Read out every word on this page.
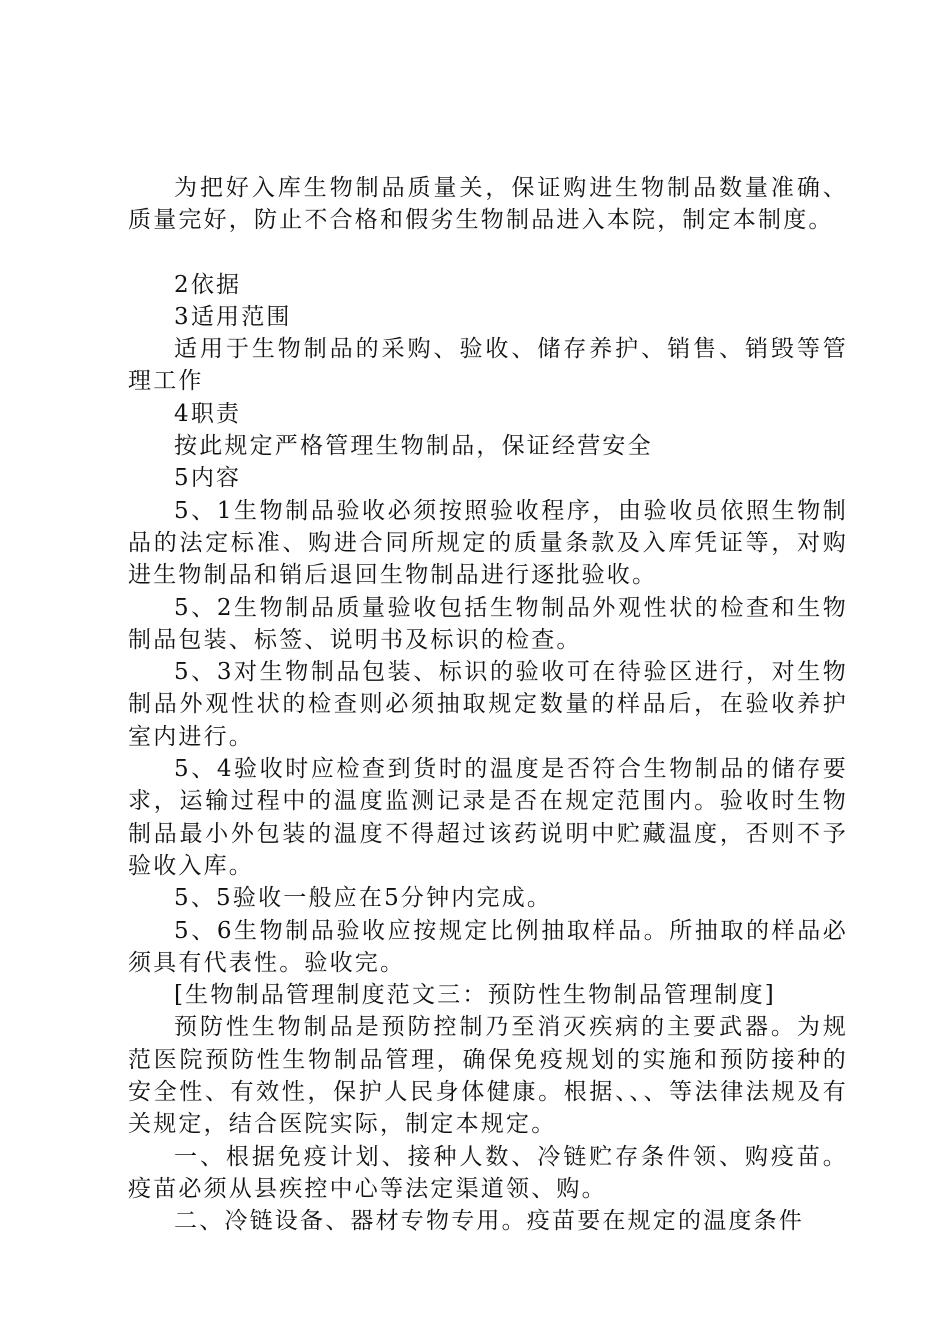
为把好入库生物制品质量关，保证购进生物制品数量准确、质量完好，防止不合格和假劣生物制品进入本院，制定本制度。

2依据

3适用范围

适用于生物制品的采购、验收、储存养护、销售、销毁等管理工作

4职责

按此规定严格管理生物制品，保证经营安全

5内容

5、1生物制品验收必须按照验收程序，由验收员依照生物制品的法定标准、购进合同所规定的质量条款及入库凭证等，对购进生物制品和销后退回生物制品进行逐批验收。

5、2生物制品质量验收包括生物制品外观性状的检查和生物制品包装、标签、说明书及标识的检查。

5、3对生物制品包装、标识的验收可在待验区进行，对生物制品外观性状的检查则必须抽取规定数量的样品后，在验收养护室内进行。

5、4验收时应检查到货时的温度是否符合生物制品的储存要求，运输过程中的温度监测记录是否在规定范围内。验收时生物制品最小外包装的温度不得超过该药说明中贮藏温度，否则不予验收入库。

5、5验收一般应在5分钟内完成。

5、6生物制品验收应按规定比例抽取样品。所抽取的样品必须具有代表性。验收完。

[生物制品管理制度范文三：预防性生物制品管理制度]

预防性生物制品是预防控制乃至消灭疾病的主要武器。为规范医院预防性生物制品管理，确保免疫规划的实施和预防接种的安全性、有效性，保护人民身体健康。根据、、、等法律法规及有关规定，结合医院实际，制定本规定。

一、根据免疫计划、接种人数、冷链贮存条件领、购疫苗。疫苗必须从县疾控中心等法定渠道领、购。

二、冷链设备、器材专物专用。疫苗要在规定的温度条件
